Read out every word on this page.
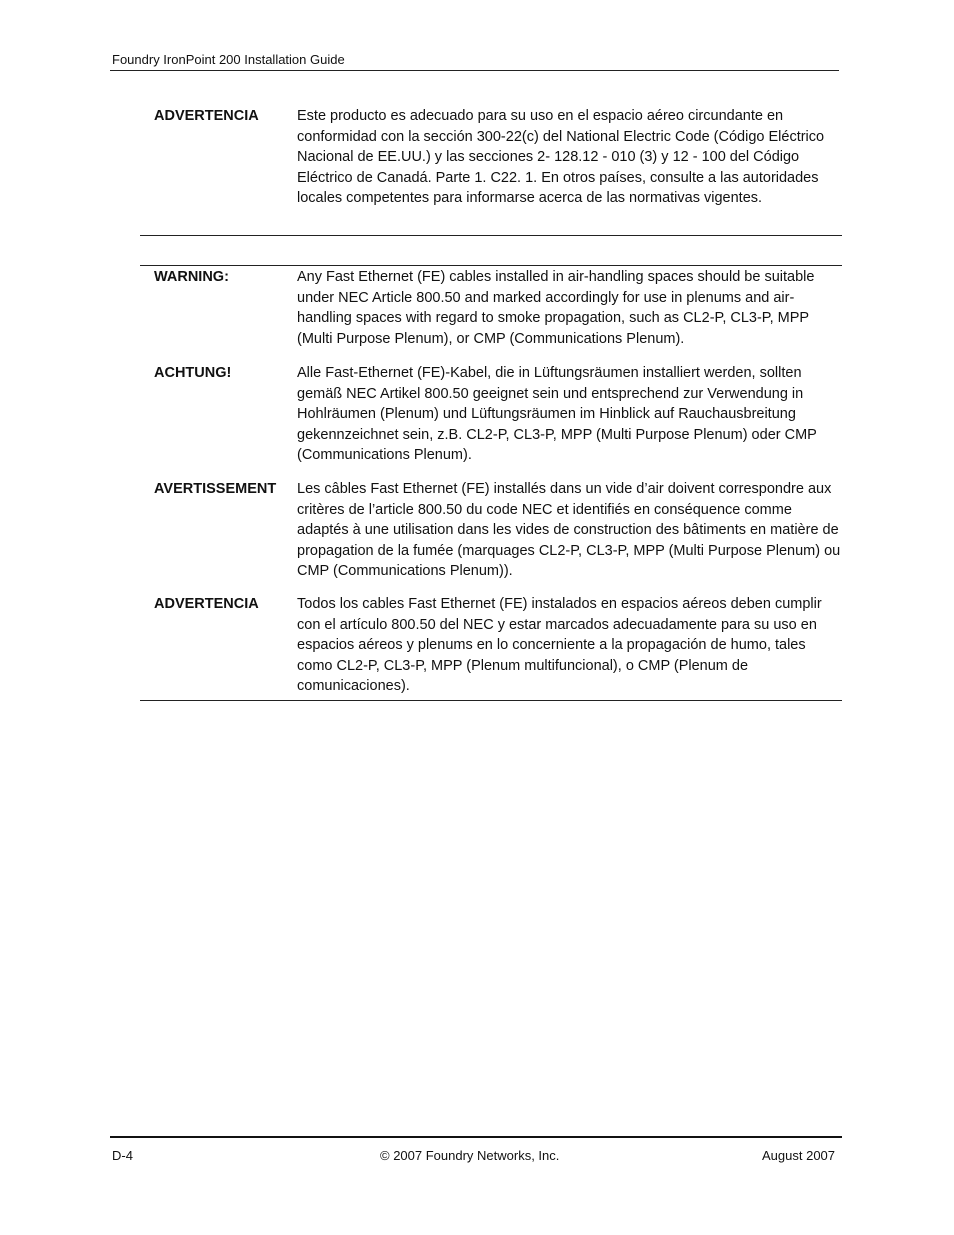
Foundry IronPoint 200 Installation Guide
ADVERTENCIA	Este producto es adecuado para su uso en el espacio aéreo circundante en conformidad con la sección 300-22(c) del National Electric Code (Código Eléctrico Nacional de EE.UU.) y las secciones 2- 128.12 - 010 (3) y 12 - 100 del Código Eléctrico de Canadá. Parte 1. C22. 1. En otros países, consulte a las autoridades locales competentes para informarse acerca de las normativas vigentes.
WARNING:	Any Fast Ethernet (FE) cables installed in air-handling spaces should be suitable under NEC Article 800.50 and marked accordingly for use in plenums and air-handling spaces with regard to smoke propagation, such as CL2-P, CL3-P, MPP (Multi Purpose Plenum), or CMP (Communications Plenum).
ACHTUNG!	Alle Fast-Ethernet (FE)-Kabel, die in Lüftungsräumen installiert werden, sollten gemäß NEC Artikel 800.50 geeignet sein und entsprechend zur Verwendung in Hohlräumen (Plenum) und Lüftungsräumen im Hinblick auf Rauchausbreitung gekennzeichnet sein, z.B. CL2-P, CL3-P, MPP (Multi Purpose Plenum) oder CMP (Communications Plenum).
AVERTISSEMENT Les câbles Fast Ethernet (FE) installés dans un vide d’air doivent correspondre aux critères de l’article 800.50 du code NEC et identifiés en conséquence comme adaptés à une utilisation dans les vides de construction des bâtiments en matière de propagation de la fumée (marquages CL2-P, CL3-P, MPP (Multi Purpose Plenum) ou CMP (Communications Plenum)).
ADVERTENCIA	Todos los cables Fast Ethernet (FE) instalados en espacios aéreos deben cumplir con el artículo 800.50 del NEC y estar marcados adecuadamente para su uso en espacios aéreos y plenums en lo concerniente a la propagación de humo, tales como CL2-P, CL3-P, MPP (Plenum multifuncional), o CMP (Plenum de comunicaciones).
D-4	© 2007 Foundry Networks, Inc.	August 2007
